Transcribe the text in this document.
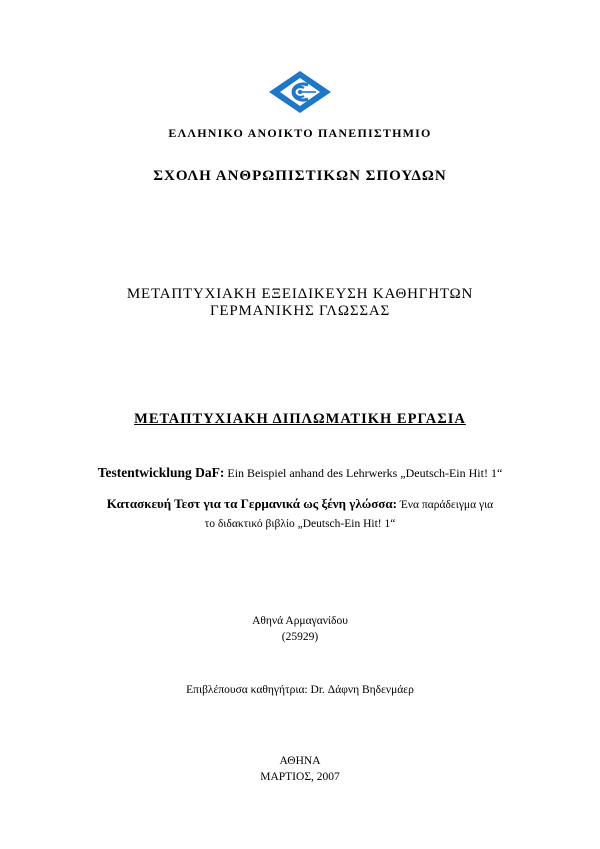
ΕΛΛΗΝΙΚΟ ΑΝΟΙΚΤΟ ΠΑΝΕΠΙΣΤΗΜΙΟ
ΣΧΟΛΗ ΑΝΘΡΩΠΙΣΤΙΚΩΝ ΣΠΟΥΔΩΝ
ΜΕΤΑΠΤΥΧΙΑΚΗ ΕΞΕΙΔΙΚΕΥΣΗ ΚΑΘΗΓΗΤΩΝ
ΓΕΡΜΑΝΙΚΗΣ ΓΛΩΣΣΑΣ
ΜΕΤΑΠΤΥΧΙΑΚΗ ΔΙΠΛΩΜΑΤΙΚΗ ΕΡΓΑΣΙΑ
Testentwicklung DaF: Ein Beispiel anhand des Lehrwerks „Deutsch-Ein Hit! 1“
Κατασκευή Τεστ για τα Γερμανικά ως ξένη γλώσσα: Ένα παράδειγμα για
το διδακτικό βιβλίο „Deutsch-Ein Hit! 1“
Αθηνά Αρμαγανίδου
(25929)
Επιβλέπουσα καθηγήτρια: Dr. Δάφνη Βηδενμάερ
ΑΘΗΝΑ
ΜΑΡΤΙΟΣ, 2007
